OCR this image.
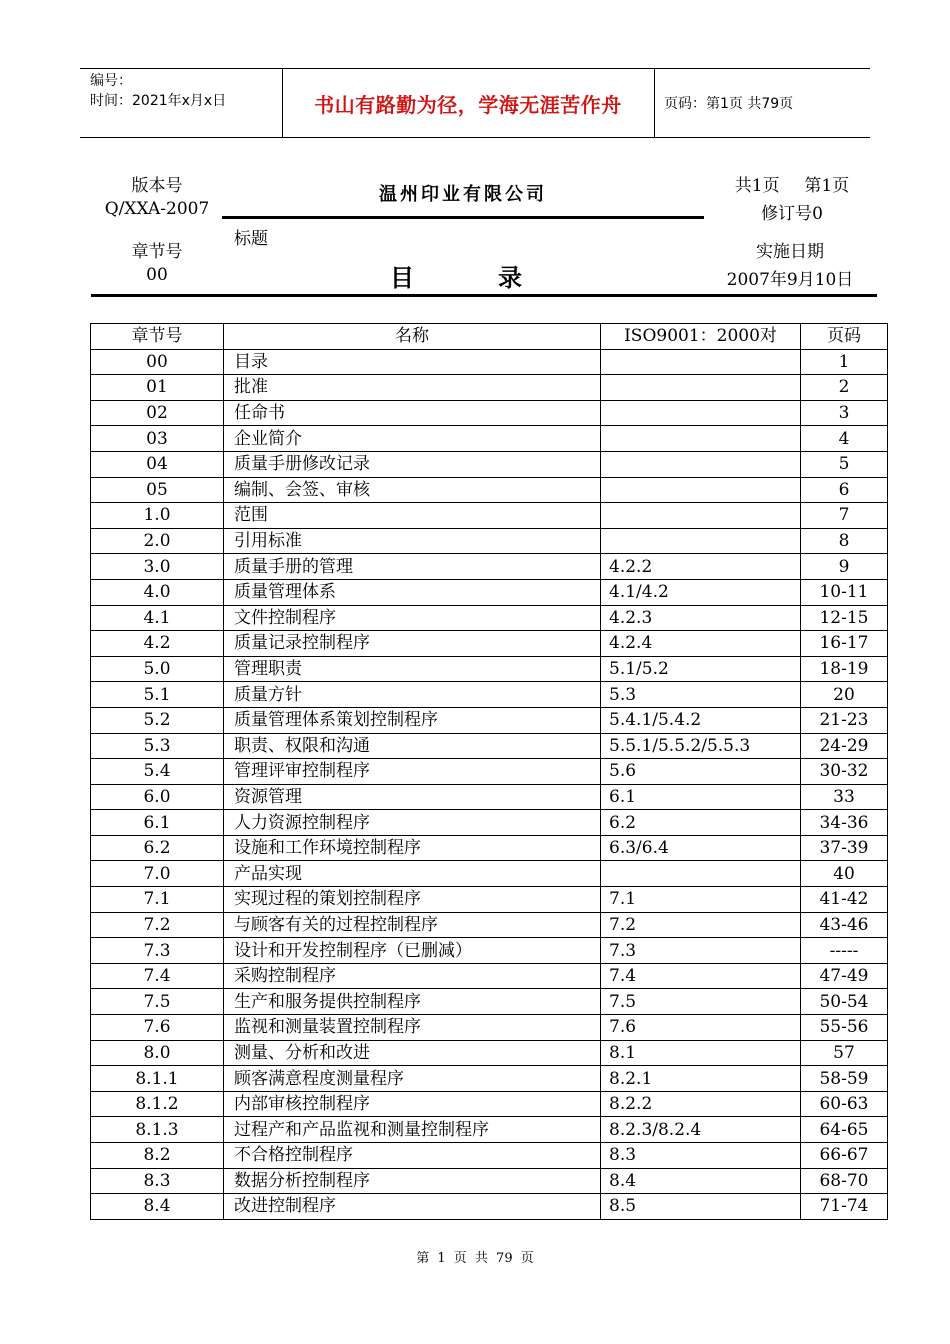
编号：
时间：2021年x月x日	书山有路勤为径，学海无涯苦作舟	页码：第1页 共79页
版本号
Q/XXA-2007
温州印业有限公司	共1页 第1页
修订号0
章节号
00
标题
目录
实施日期
2007年9月10日
章节号	名称	ISO9001：2000对	页码
00	目录		1
01	批准		2
02	任命书		3
03	企业简介		4
04	质量手册修改记录		5
05	编制、会签、审核		6
1.0	范围		7
2.0	引用标准		8
3.0	质量手册的管理	4.2.2	9
4.0	质量管理体系	4.1/4.2	10-11
4.1	文件控制程序	4.2.3	12-15
4.2	质量记录控制程序	4.2.4	16-17
5.0	管理职责	5.1/5.2	18-19
5.1	质量方针	5.3	20
5.2	质量管理体系策划控制程序	5.4.1/5.4.2	21-23
5.3	职责、权限和沟通	5.5.1/5.5.2/5.5.3	24-29
5.4	管理评审控制程序	5.6	30-32
6.0	资源管理	6.1	33
6.1	人力资源控制程序	6.2	34-36
6.2	设施和工作环境控制程序	6.3/6.4	37-39
7.0	产品实现		40
7.1	实现过程的策划控制程序	7.1	41-42
7.2	与顾客有关的过程控制程序	7.2	43-46
7.3	设计和开发控制程序（已删减）	7.3	-----
7.4	采购控制程序	7.4	47-49
7.5	生产和服务提供控制程序	7.5	50-54
7.6	监视和测量装置控制程序	7.6	55-56
8.0	测量、分析和改进	8.1	57
8.1.1	顾客满意程度测量程序	8.2.1	58-59
8.1.2	内部审核控制程序	8.2.2	60-63
8.1.3	过程产和产品监视和测量控制程序	8.2.3/8.2.4	64-65
8.2	不合格控制程序	8.3	66-67
8.3	数据分析控制程序	8.4	68-70
8.4	改进控制程序	8.5	71-74
第 1 页 共 79 页
